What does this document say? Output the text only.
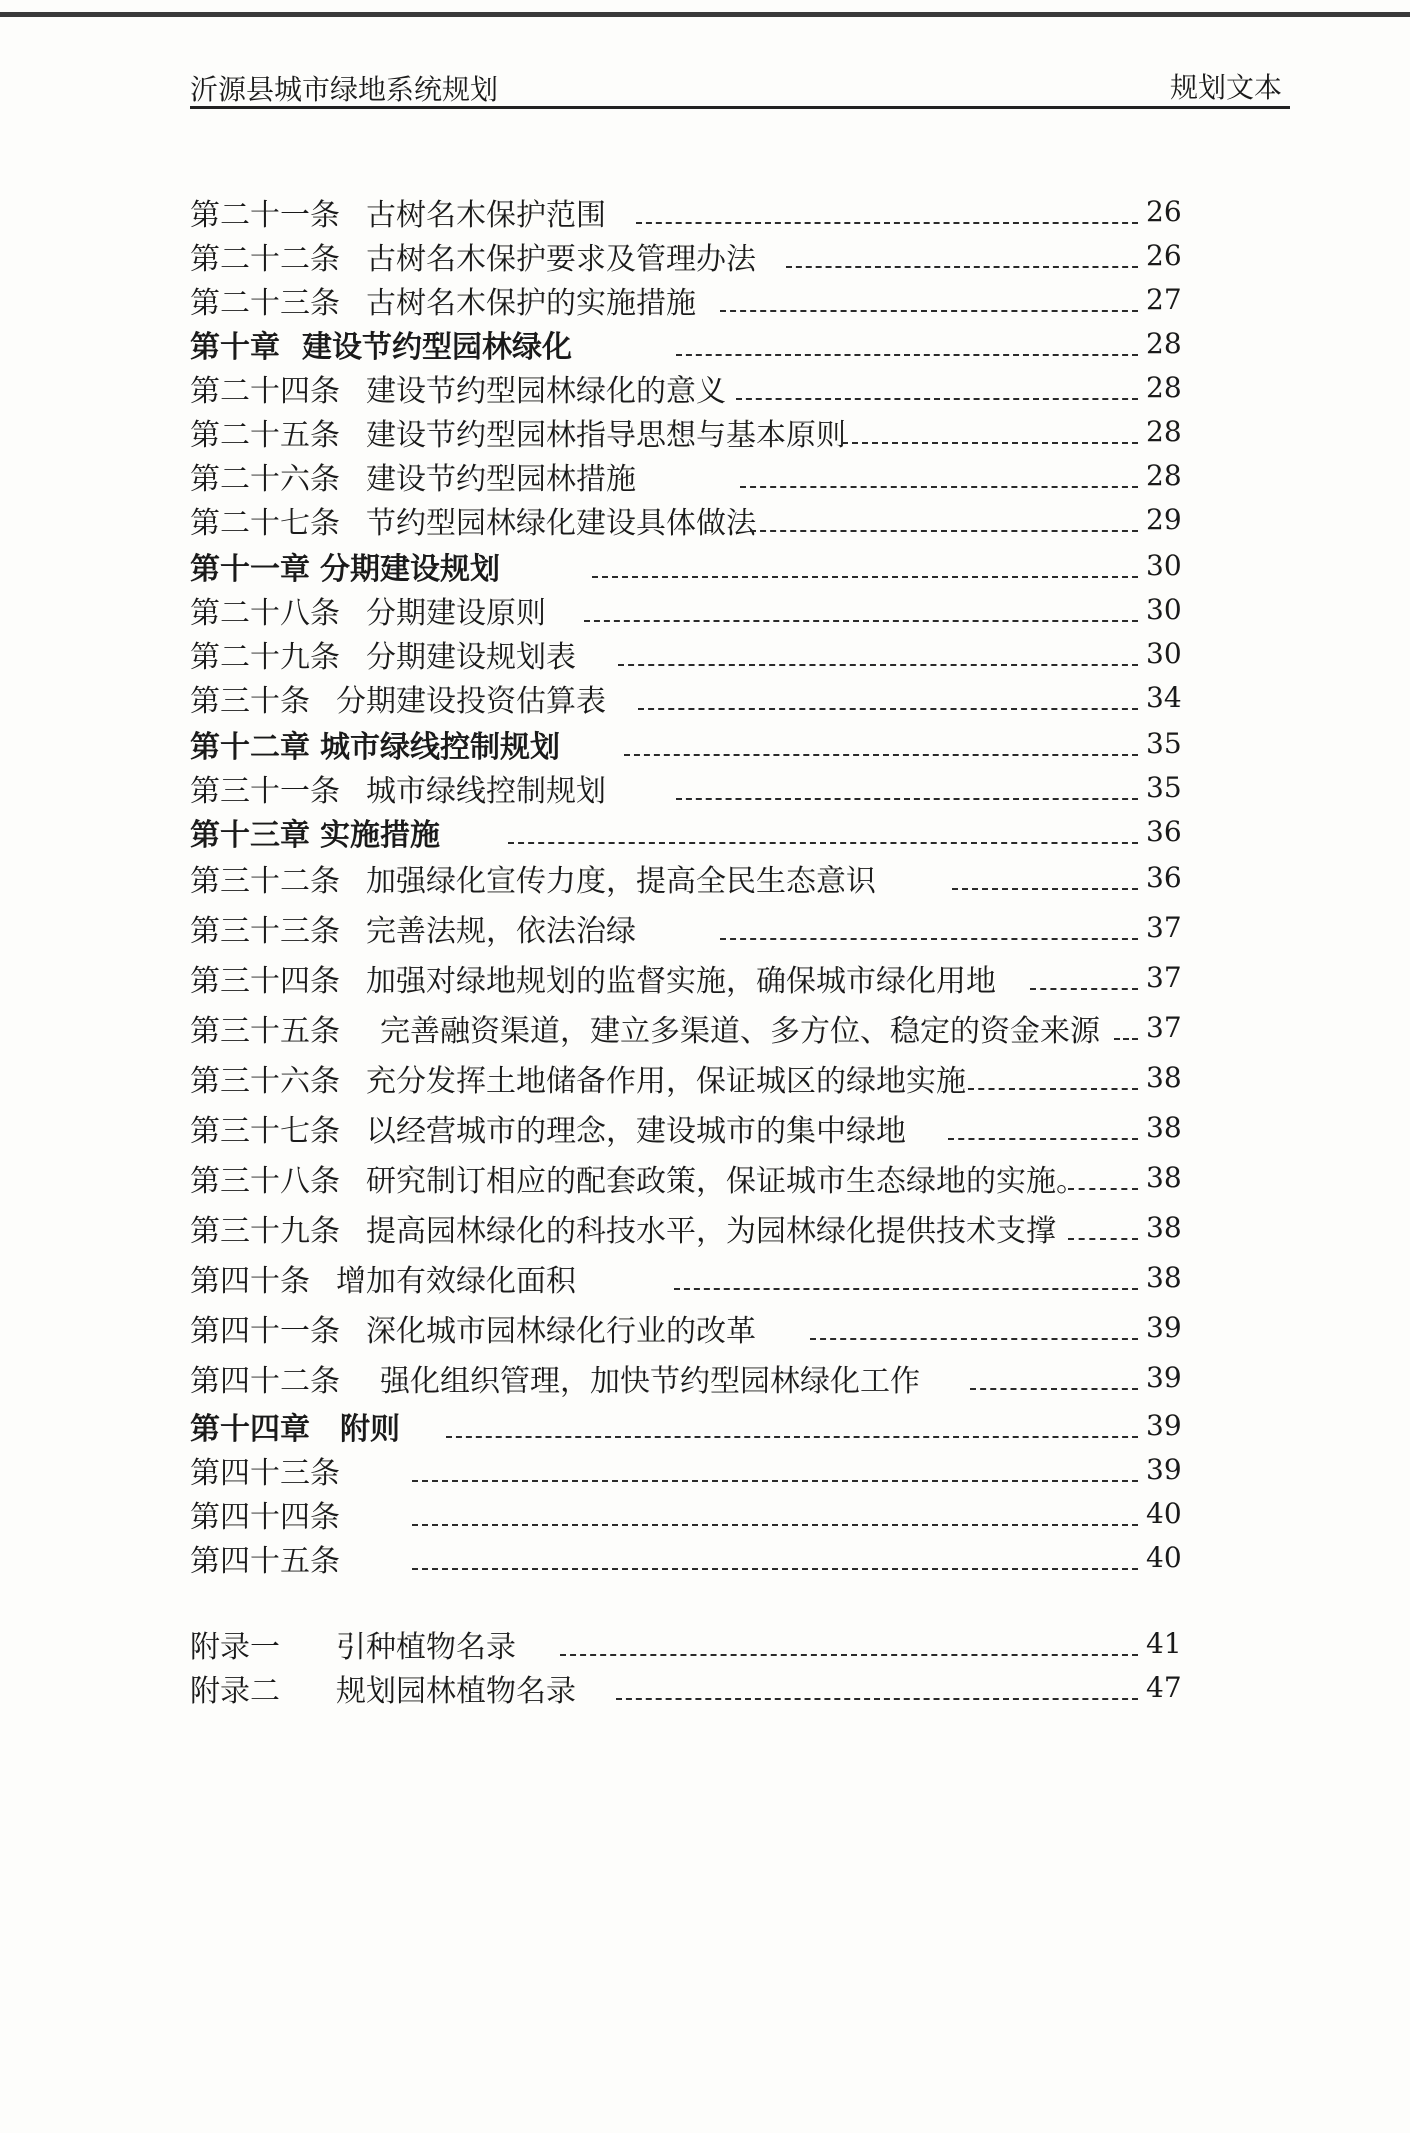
沂源县城市绿地系统规划	规划文本
第二十一条 古树名木保护范围	26
第二十二条 古树名木保护要求及管理办法	26
第二十三条 古树名木保护的实施措施	27
第十章 建设节约型园林绿化	28
第二十四条 建设节约型园林绿化的意义	28
第二十五条 建设节约型园林指导思想与基本原则	28
第二十六条 建设节约型园林措施	28
第二十七条 节约型园林绿化建设具体做法	29
第十一章 分期建设规划	30
第二十八条 分期建设原则	30
第二十九条 分期建设规划表	30
第三十条 分期建设投资估算表	34
第十二章 城市绿线控制规划	35
第三十一条 城市绿线控制规划	35
第十三章 实施措施	36
第三十二条 加强绿化宣传力度，提高全民生态意识	36
第三十三条 完善法规，依法治绿	37
第三十四条 加强对绿地规划的监督实施，确保城市绿化用地	37
第三十五条 完善融资渠道，建立多渠道、多方位、稳定的资金来源 37
第三十六条 充分发挥土地储备作用，保证城区的绿地实施	38
第三十七条 以经营城市的理念，建设城市的集中绿地	38
第三十八条 研究制订相应的配套政策，保证城市生态绿地的实施。 38
第三十九条 提高园林绿化的科技水平，为园林绿化提供技术支撑	38
第四十条 增加有效绿化面积	38
第四十一条 深化城市园林绿化行业的改革	39
第四十二条 强化组织管理，加快节约型园林绿化工作	39
第十四章 附则	39
第四十三条	39
第四十四条	40
第四十五条	40
附录一 引种植物名录	41
附录二 规划园林植物名录	47
